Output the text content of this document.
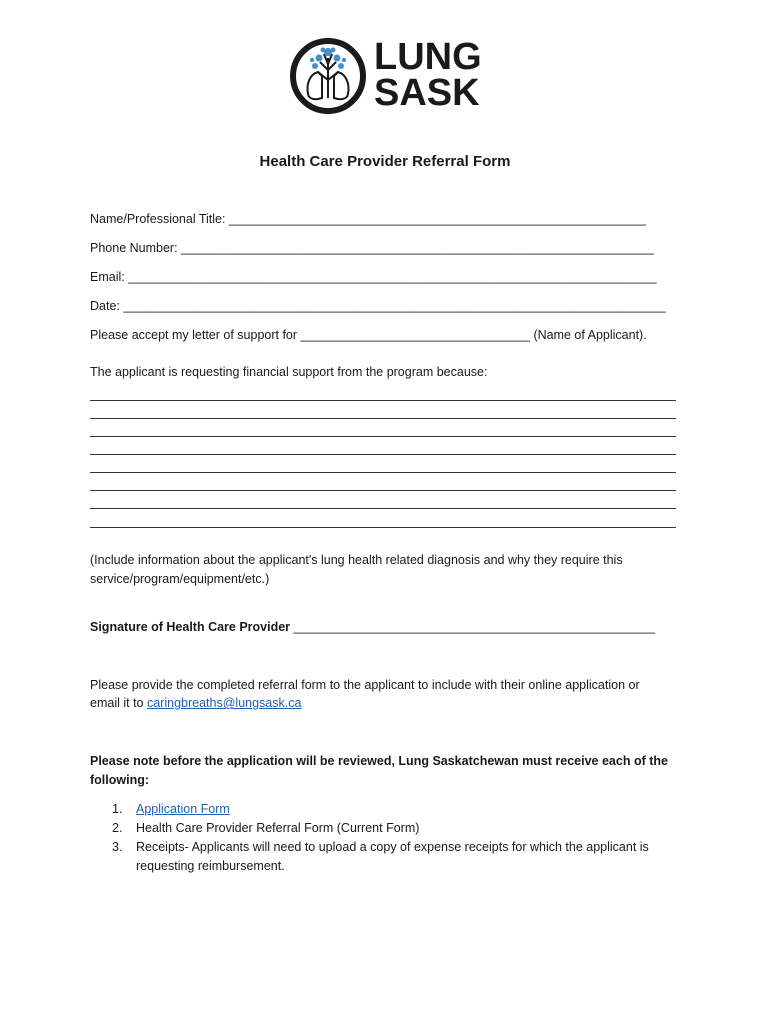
LUNG
SASK
Health Care Provider Referral Form
Name/Professional Title: ____________________________________________________________
Phone Number: ____________________________________________________________________
Email: ____________________________________________________________________________
Date: ______________________________________________________________________________
Please accept my letter of support for _________________________________ (Name of Applicant).
The applicant is requesting financial support from the program because:
(Include information about the applicant's lung health related diagnosis and why they require this
service/program/equipment/etc.)
Signature of Health Care Provider ____________________________________________________
Please provide the completed referral form to the applicant to include with their online application or
email it to caringbreaths@lungsask.ca
Please note before the application will be reviewed, Lung Saskatchewan must receive each of the
following:
1. Application Form
2. Health Care Provider Referral Form (Current Form)
3. Receipts- Applicants will need to upload a copy of expense receipts for which the applicant is
requesting reimbursement.
